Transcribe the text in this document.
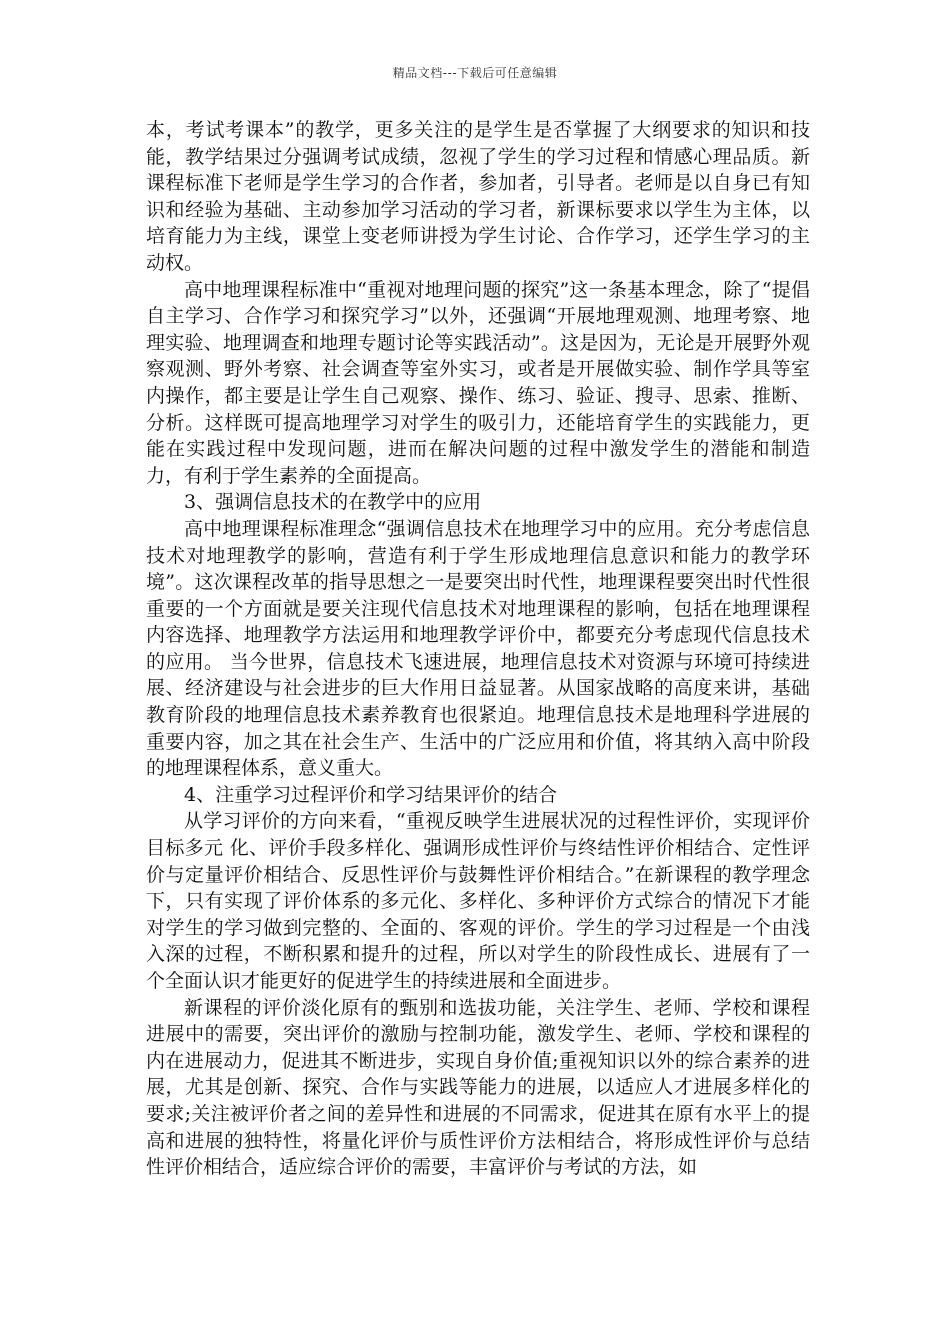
精品文档---下载后可任意编辑

本，考试考课本”的教学，更多关注的是学生是否掌握了大纲要求的知识和技能，教学结果过分强调考试成绩，忽视了学生的学习过程和情感心理品质。新课程标准下老师是学生学习的合作者，参加者，引导者。老师是以自身已有知识和经验为基础、主动参加学习活动的学习者，新课标要求以学生为主体，以培育能力为主线，课堂上变老师讲授为学生讨论、合作学习，还学生学习的主动权。

高中地理课程标准中“重视对地理问题的探究”这一条基本理念，除了“提倡自主学习、合作学习和探究学习”以外，还强调“开展地理观测、地理考察、地理实验、地理调查和地理专题讨论等实践活动”。这是因为，无论是开展野外观察观测、野外考察、社会调查等室外实习，或者是开展做实验、制作学具等室内操作，都主要是让学生自己观察、操作、练习、验证、搜寻、思索、推断、分析。这样既可提高地理学习对学生的吸引力，还能培育学生的实践能力，更能在实践过程中发现问题，进而在解决问题的过程中激发学生的潜能和制造力，有利于学生素养的全面提高。

3、强调信息技术的在教学中的应用

高中地理课程标准理念“强调信息技术在地理学习中的应用。充分考虑信息技术对地理教学的影响，营造有利于学生形成地理信息意识和能力的教学环境”。这次课程改革的指导思想之一是要突出时代性，地理课程要突出时代性很重要的一个方面就是要关注现代信息技术对地理课程的影响，包括在地理课程内容选择、地理教学方法运用和地理教学评价中，都要充分考虑现代信息技术的应用。 当今世界，信息技术飞速进展，地理信息技术对资源与环境可持续进展、经济建设与社会进步的巨大作用日益显著。从国家战略的高度来讲，基础教育阶段的地理信息技术素养教育也很紧迫。地理信息技术是地理科学进展的重要内容，加之其在社会生产、生活中的广泛应用和价值，将其纳入高中阶段的地理课程体系，意义重大。

4、注重学习过程评价和学习结果评价的结合

从学习评价的方向来看，“重视反映学生进展状况的过程性评价，实现评价目标多元 化、评价手段多样化、强调形成性评价与终结性评价相结合、定性评价与定量评价相结合、反思性评价与鼓舞性评价相结合。”在新课程的教学理念下，只有实现了评价体系的多元化、多样化、多种评价方式综合的情况下才能对学生的学习做到完整的、全面的、客观的评价。学生的学习过程是一个由浅入深的过程，不断积累和提升的过程，所以对学生的阶段性成长、进展有了一个全面认识才能更好的促进学生的持续进展和全面进步。

新课程的评价淡化原有的甄别和选拔功能，关注学生、老师、学校和课程进展中的需要，突出评价的激励与控制功能，激发学生、老师、学校和课程的内在进展动力，促进其不断进步，实现自身价值;重视知识以外的综合素养的进展，尤其是创新、探究、合作与实践等能力的进展，以适应人才进展多样化的要求;关注被评价者之间的差异性和进展的不同需求，促进其在原有水平上的提高和进展的独特性，将量化评价与质性评价方法相结合，将形成性评价与总结性评价相结合，适应综合评价的需要，丰富评价与考试的方法，如
